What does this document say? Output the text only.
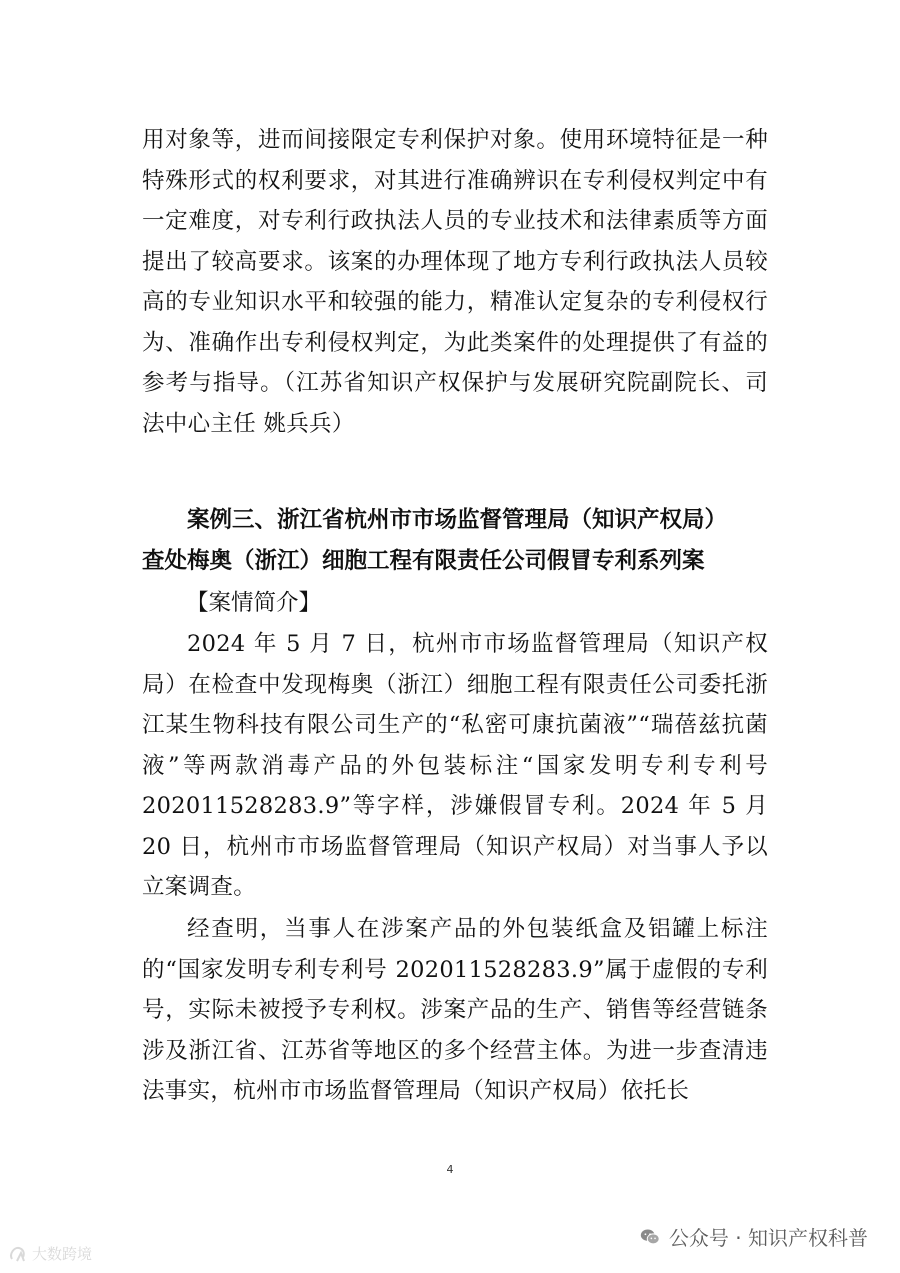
用对象等，进而间接限定专利保护对象。使用环境特征是一种特殊形式的权利要求，对其进行准确辨识在专利侵权判定中有一定难度，对专利行政执法人员的专业技术和法律素质等方面提出了较高要求。该案的办理体现了地方专利行政执法人员较高的专业知识水平和较强的能力，精准认定复杂的专利侵权行为、准确作出专利侵权判定，为此类案件的处理提供了有益的参考与指导。（江苏省知识产权保护与发展研究院副院长、司法中心主任 姚兵兵）
案例三、浙江省杭州市市场监督管理局（知识产权局）
查处梅奥（浙江）细胞工程有限责任公司假冒专利系列案
【案情简介】
2024 年 5 月 7 日，杭州市市场监督管理局（知识产权局）在检查中发现梅奥（浙江）细胞工程有限责任公司委托浙江某生物科技有限公司生产的“私密可康抗菌液”“瑞蓓兹抗菌液”等两款消毒产品的外包装标注“国家发明专利专利号 202011528283.9”等字样，涉嫌假冒专利。2024 年 5 月 20 日，杭州市市场监督管理局（知识产权局）对当事人予以立案调查。
经查明，当事人在涉案产品的外包装纸盒及铝罐上标注的“国家发明专利专利号 202011528283.9”属于虚假的专利号，实际未被授予专利权。涉案产品的生产、销售等经营链条涉及浙江省、江苏省等地区的多个经营主体。为进一步查清违法事实，杭州市市场监督管理局（知识产权局）依托长
4
公众号 · 知识产权科普
大数跨境
